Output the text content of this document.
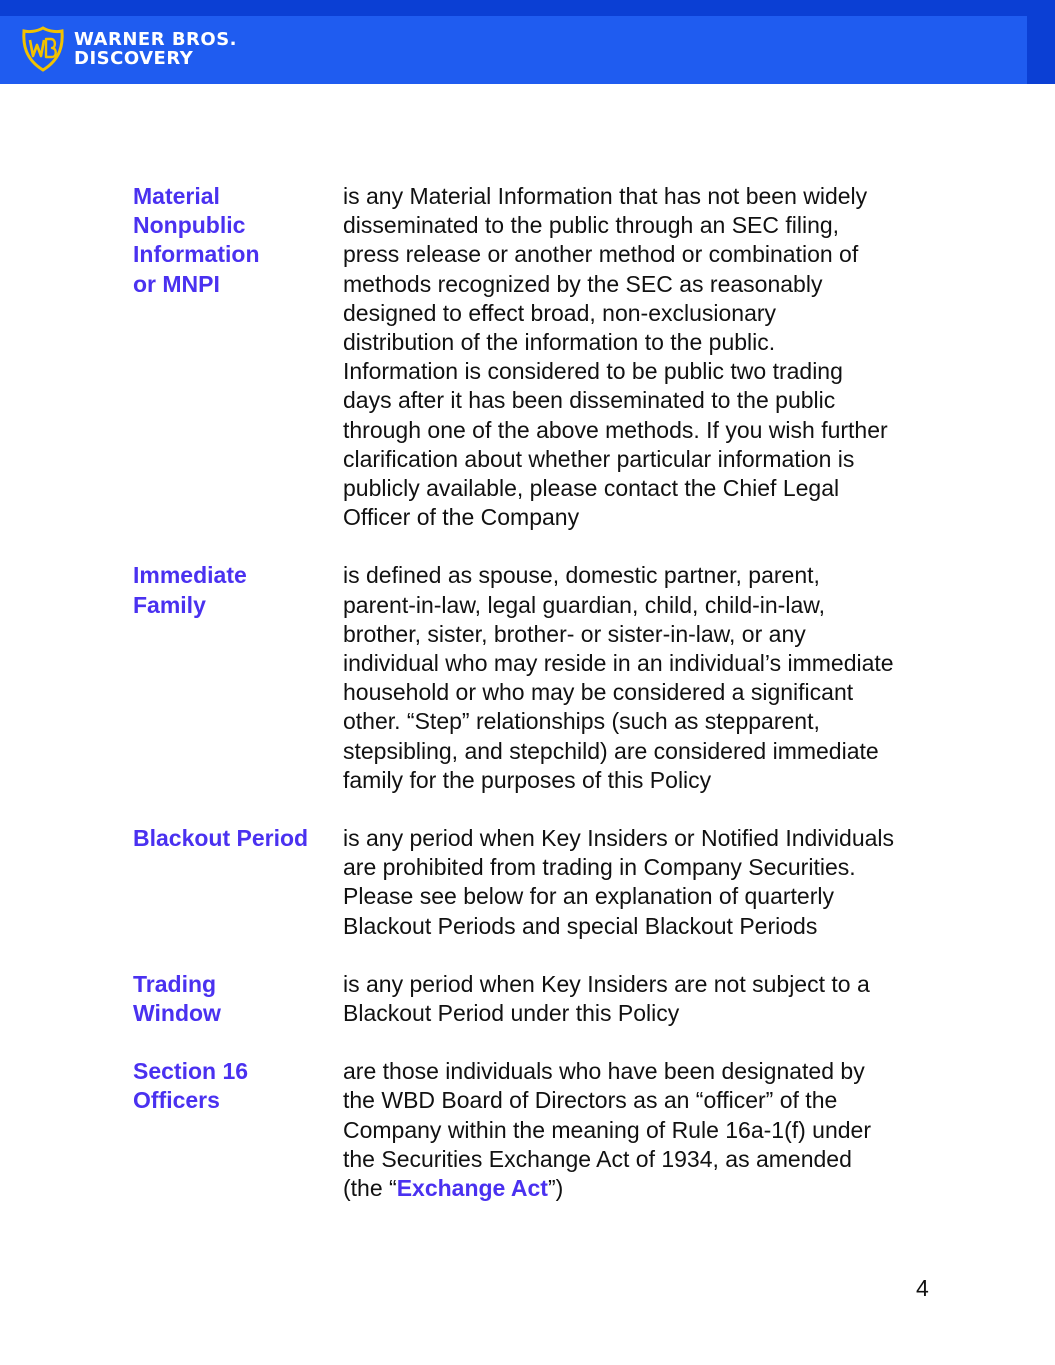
WARNER BROS.
DISCOVERY
Material
Nonpublic
Information
or MNPI
is any Material Information that has not been widely
disseminated to the public through an SEC filing,
press release or another method or combination of
methods recognized by the SEC as reasonably
designed to effect broad, non-exclusionary
distribution of the information to the public.
Information is considered to be public two trading
days after it has been disseminated to the public
through one of the above methods. If you wish further
clarification about whether particular information is
publicly available, please contact the Chief Legal
Officer of the Company
Immediate
Family
is defined as spouse, domestic partner, parent,
parent-in-law, legal guardian, child, child-in-law,
brother, sister, brother- or sister-in-law, or any
individual who may reside in an individual’s immediate
household or who may be considered a significant
other. “Step” relationships (such as stepparent,
stepsibling, and stepchild) are considered immediate
family for the purposes of this Policy
Blackout Period	is any period when Key Insiders or Notified Individuals
are prohibited from trading in Company Securities.
Please see below for an explanation of quarterly
Blackout Periods and special Blackout Periods
Trading
Window
is any period when Key Insiders are not subject to a
Blackout Period under this Policy
Section 16
Officers
are those individuals who have been designated by
the WBD Board of Directors as an “officer” of the
Company within the meaning of Rule 16a-1(f) under
the Securities Exchange Act of 1934, as amended
(the “Exchange Act”)
4
